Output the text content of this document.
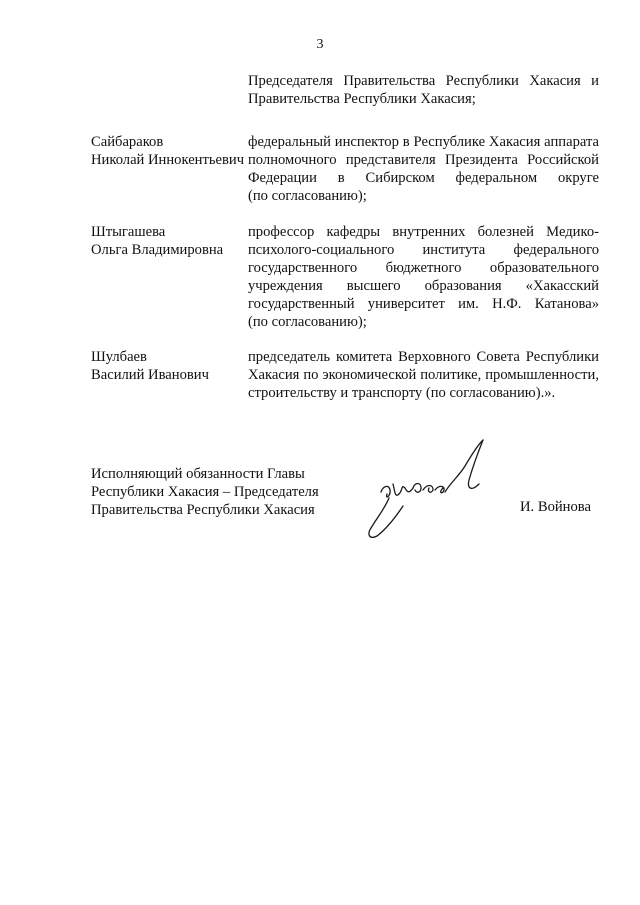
3
Председателя Правительства Республики Хакасия и
Правительства Республики Хакасия;
Сайбараков
Николай Иннокентьевич
федеральный инспектор в Республике Хакасия аппарата
полномочного представителя Президента Российской
Федерации в Сибирском федеральном округе
(по согласованию);
Штыгашева
Ольга Владимировна
профессор кафедры внутренних болезней Медико-
психолого-социального института федерального
государственного бюджетного образовательного
учреждения высшего образования «Хакасский
государственный университет им. Н.Ф. Катанова»
(по согласованию);
Шулбаев
Василий Иванович
председатель комитета Верховного Совета Республики
Хакасия по экономической политике, промышленности,
строительству и транспорту (по согласованию).».
Исполняющий обязанности Главы
Республики Хакасия – Председателя
Правительства Республики Хакасия	И. Войнова
